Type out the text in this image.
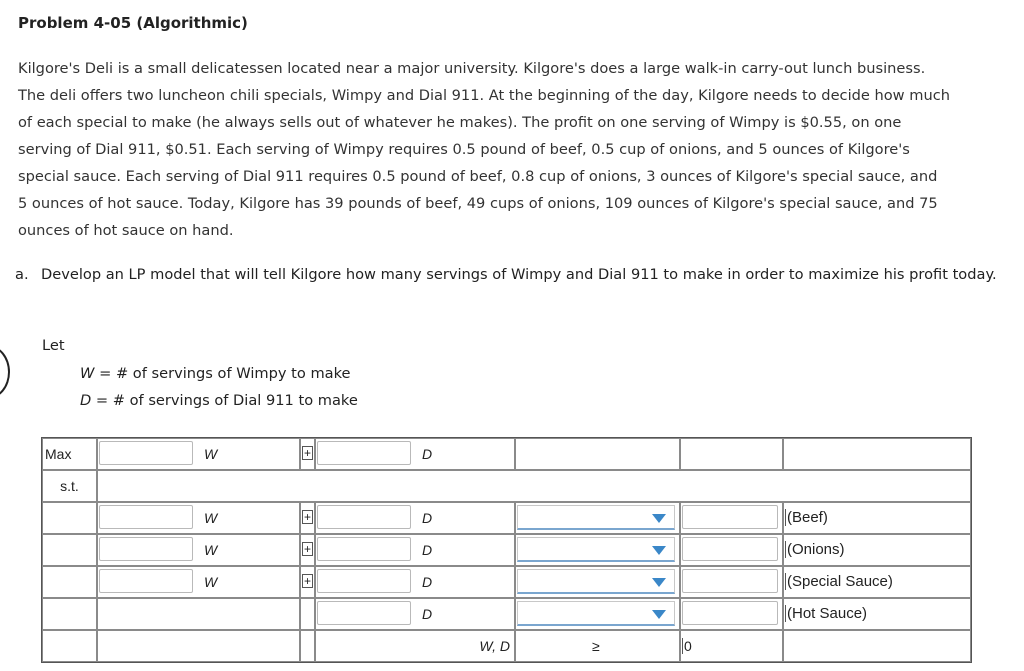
Problem 4-05 (Algorithmic)

Kilgore's Deli is a small delicatessen located near a major university. Kilgore's does a large walk-in carry-out lunch business.

The deli offers two luncheon chili specials, Wimpy and Dial 911. At the beginning of the day, Kilgore needs to decide how much

of each special to make (he always sells out of whatever he makes). The profit on one serving of Wimpy is $0.55, on one

serving of Dial 911, $0.51. Each serving of Wimpy requires 0.5 pound of beef, 0.5 cup of onions, and 5 ounces of Kilgore's

special sauce. Each serving of Dial 911 requires 0.5 pound of beef, 0.8 cup of onions, 3 ounces of Kilgore's special sauce, and

5 ounces of hot sauce. Today, Kilgore has 39 pounds of beef, 49 cups of onions, 109 ounces of Kilgore's special sauce, and 75

ounces of hot sauce on hand.

a. Develop an LP model that will tell Kilgore how many servings of Wimpy and Dial 911 to make in order to maximize his profit today.
Let
W = # of servings of Wimpy to make
D = # of servings of Dial 911 to make
Max	W	+	D			

s.t.						

	W	+	D			(Beef)

	W	+	D			(Onions)

	W	+	D			(Special Sauce)

			D			(Hot Sauce)

			W, D	≥	0	
